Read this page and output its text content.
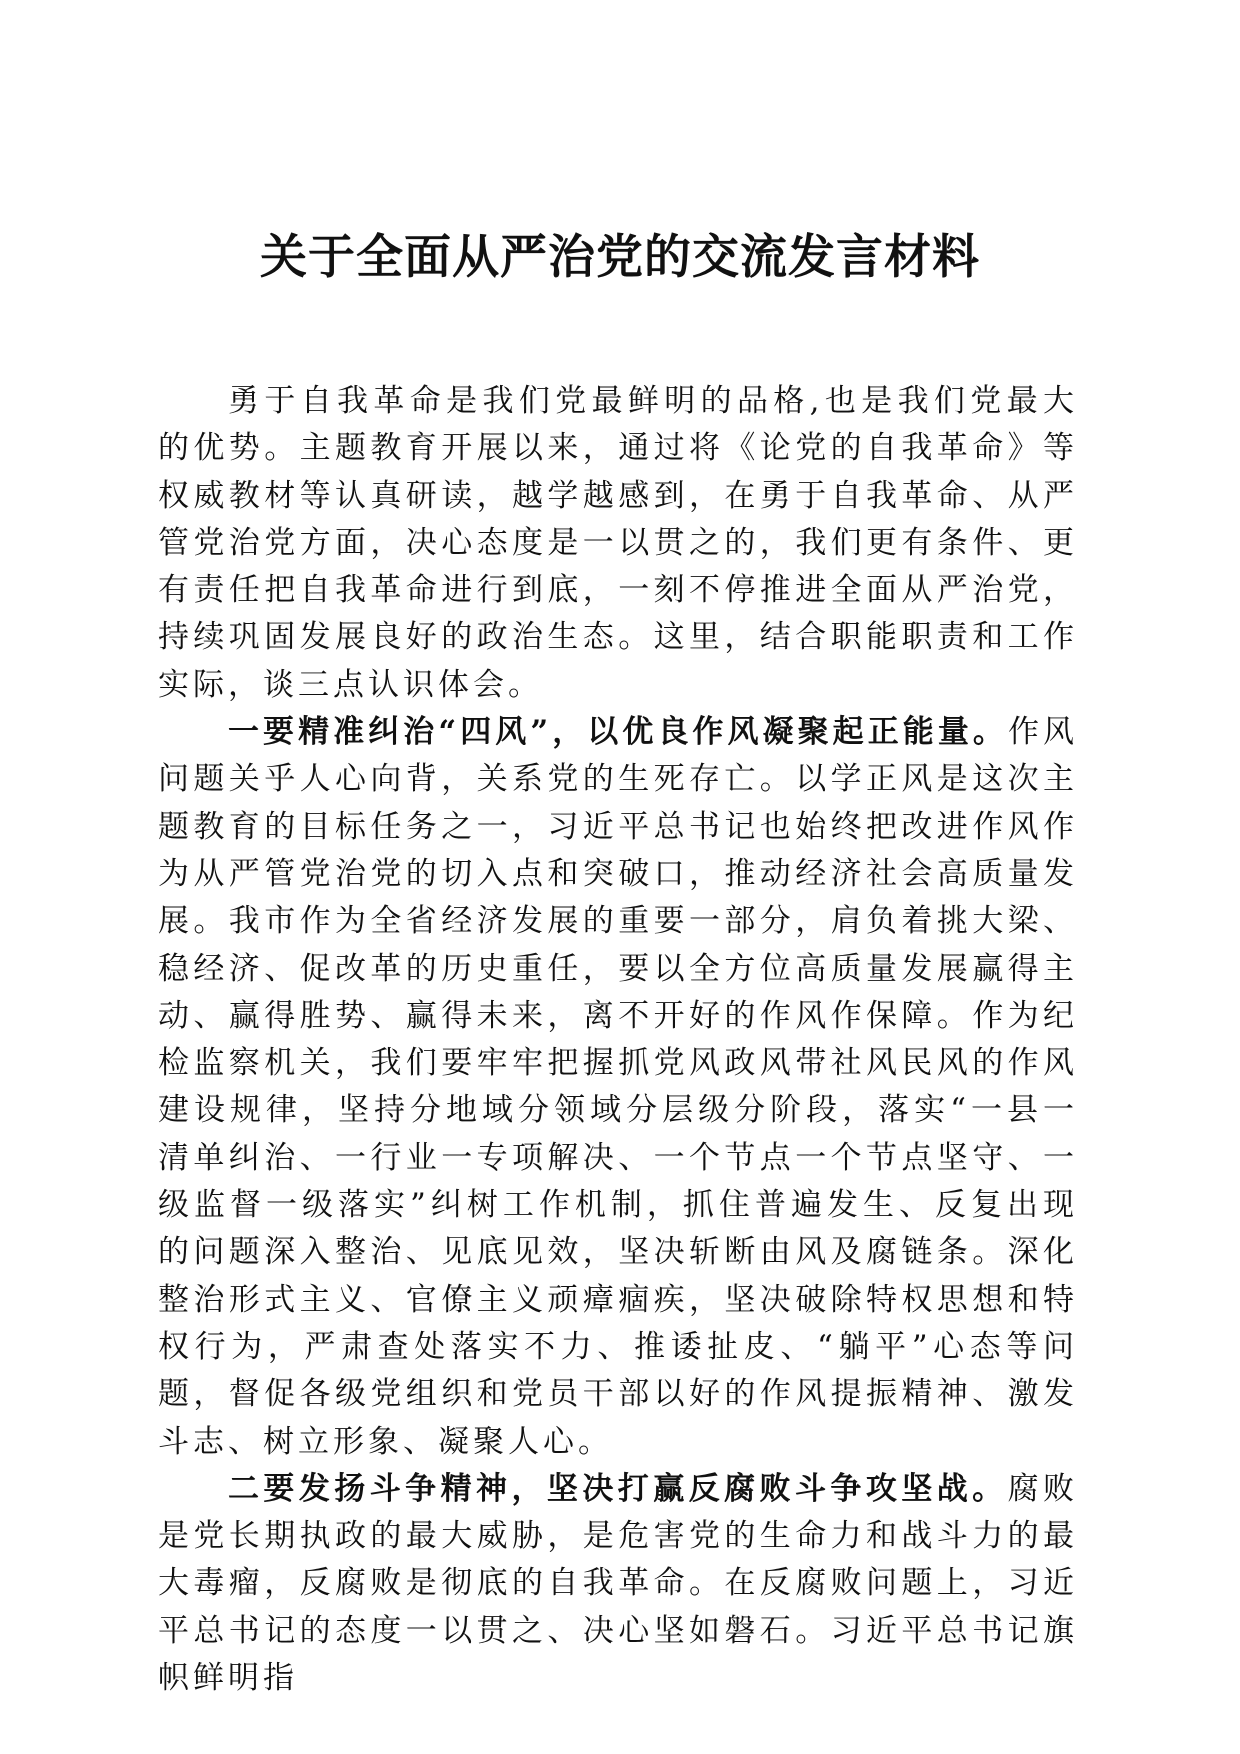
关于全面从严治党的交流发言材料

勇于自我革命是我们党最鲜明的品格,也是我们党最大的优势。主题教育开展以来，通过将《论党的自我革命》等权威教材等认真研读，越学越感到，在勇于自我革命、从严管党治党方面，决心态度是一以贯之的，我们更有条件、更有责任把自我革命进行到底，一刻不停推进全面从严治党，持续巩固发展良好的政治生态。这里，结合职能职责和工作实际，谈三点认识体会。

一要精准纠治“四风”，以优良作风凝聚起正能量。作风问题关乎人心向背，关系党的生死存亡。以学正风是这次主题教育的目标任务之一，习近平总书记也始终把改进作风作为从严管党治党的切入点和突破口，推动经济社会高质量发展。我市作为全省经济发展的重要一部分，肩负着挑大梁、稳经济、促改革的历史重任，要以全方位高质量发展赢得主动、赢得胜势、赢得未来，离不开好的作风作保障。作为纪检监察机关，我们要牢牢把握抓党风政风带社风民风的作风建设规律，坚持分地域分领域分层级分阶段，落实“一县一清单纠治、一行业一专项解决、一个节点一个节点坚守、一级监督一级落实”纠树工作机制，抓住普遍发生、反复出现的问题深入整治、见底见效，坚决斩断由风及腐链条。深化整治形式主义、官僚主义顽瘴痼疾，坚决破除特权思想和特权行为，严肃查处落实不力、推诿扯皮、“躺平”心态等问题，督促各级党组织和党员干部以好的作风提振精神、激发斗志、树立形象、凝聚人心。

二要发扬斗争精神，坚决打赢反腐败斗争攻坚战。腐败是党长期执政的最大威胁，是危害党的生命力和战斗力的最大毒瘤，反腐败是彻底的自我革命。在反腐败问题上，习近平总书记的态度一以贯之、决心坚如磐石。习近平总书记旗帜鲜明指
